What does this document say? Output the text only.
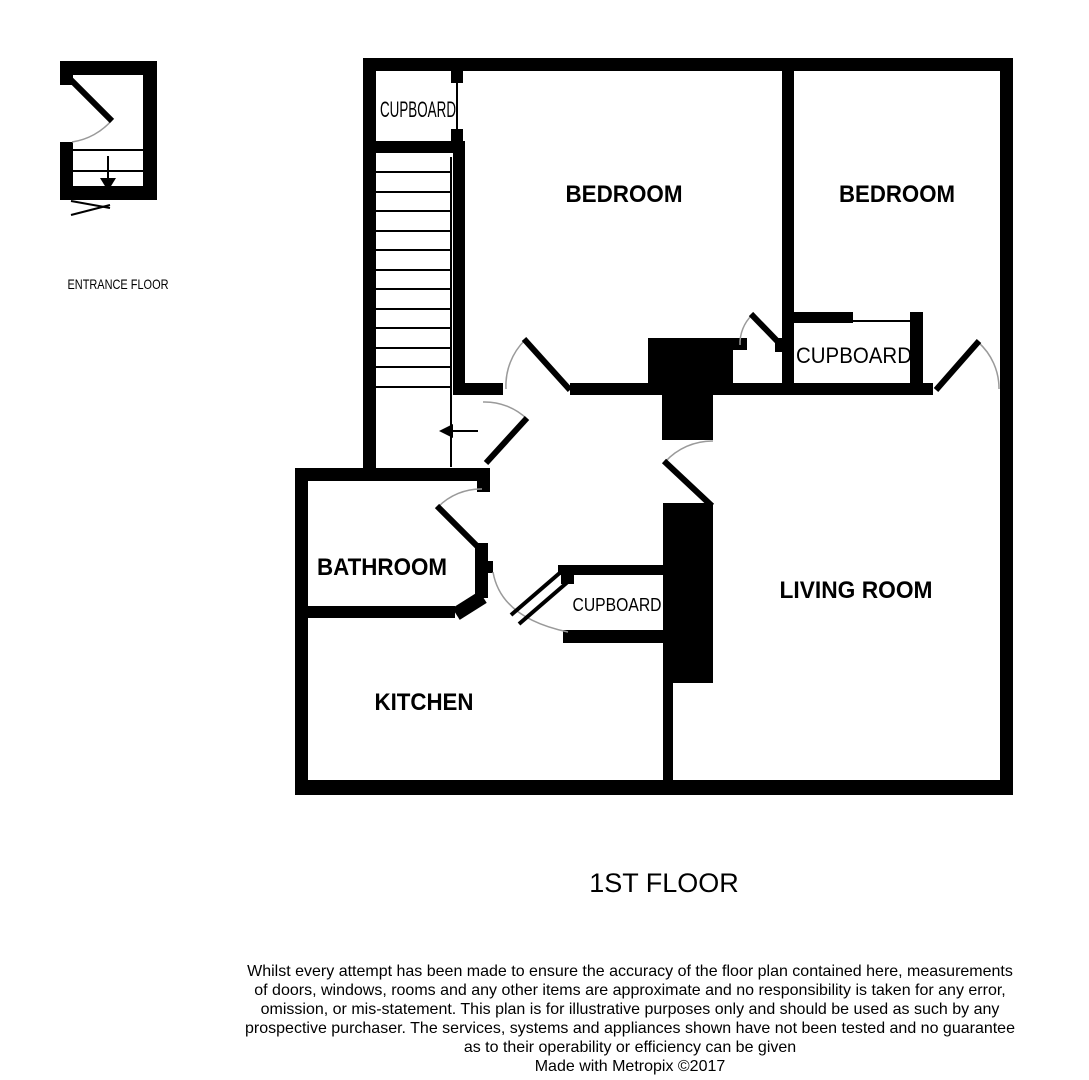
ENTRANCE FLOOR
CUPBOARD
BEDROOM	BEDROOM
CUPBOARD
BATHROOM
CUPBOARD
KITCHEN
LIVING ROOM
1ST FLOOR
Whilst every attempt has been made to ensure the accuracy of the floor plan contained here, measurements
of doors, windows, rooms and any other items are approximate and no responsibility is taken for any error,
omission, or mis-statement. This plan is for illustrative purposes only and should be used as such by any
prospective purchaser. The services, systems and appliances shown have not been tested and no guarantee
as to their operability or efficiency can be given
Made with Metropix ©2017
